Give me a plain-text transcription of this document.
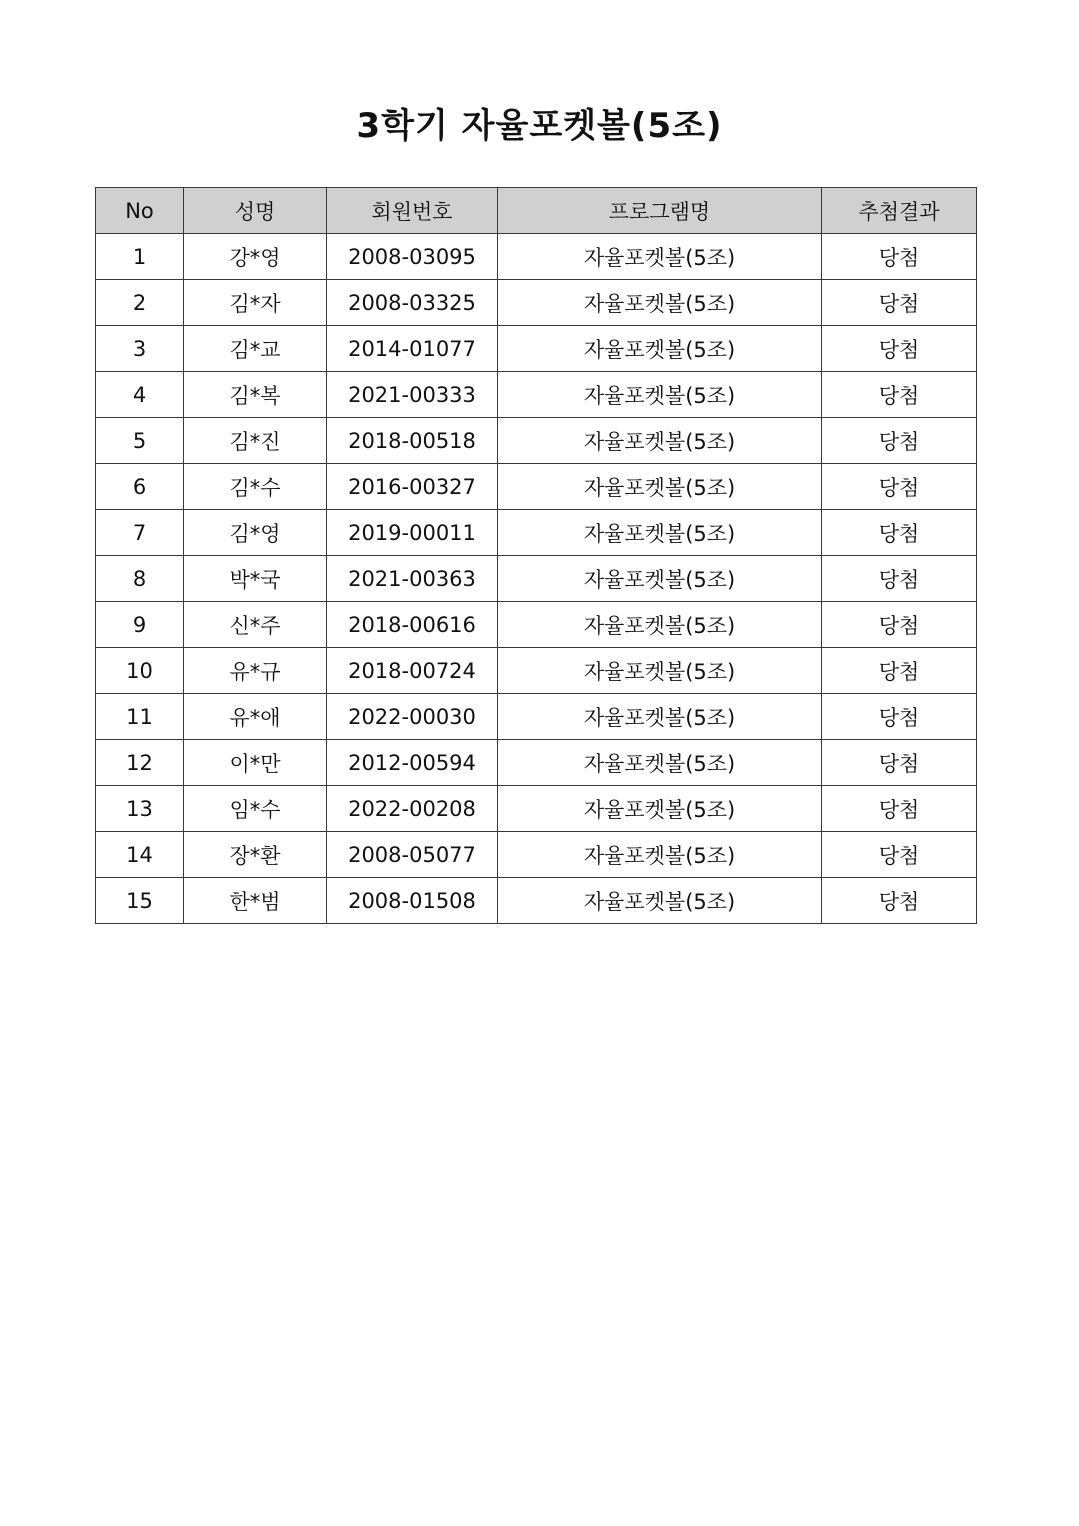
3학기 자율포켓볼(5조)
No	성명	회원번호	프로그램명	추첨결과
1	강*영	2008-03095	자율포켓볼(5조)	당첨
2	김*자	2008-03325	자율포켓볼(5조)	당첨
3	김*교	2014-01077	자율포켓볼(5조)	당첨
4	김*복	2021-00333	자율포켓볼(5조)	당첨
5	김*진	2018-00518	자율포켓볼(5조)	당첨
6	김*수	2016-00327	자율포켓볼(5조)	당첨
7	김*영	2019-00011	자율포켓볼(5조)	당첨
8	박*국	2021-00363	자율포켓볼(5조)	당첨
9	신*주	2018-00616	자율포켓볼(5조)	당첨
10	유*규	2018-00724	자율포켓볼(5조)	당첨
11	유*애	2022-00030	자율포켓볼(5조)	당첨
12	이*만	2012-00594	자율포켓볼(5조)	당첨
13	임*수	2022-00208	자율포켓볼(5조)	당첨
14	장*환	2008-05077	자율포켓볼(5조)	당첨
15	한*범	2008-01508	자율포켓볼(5조)	당첨
